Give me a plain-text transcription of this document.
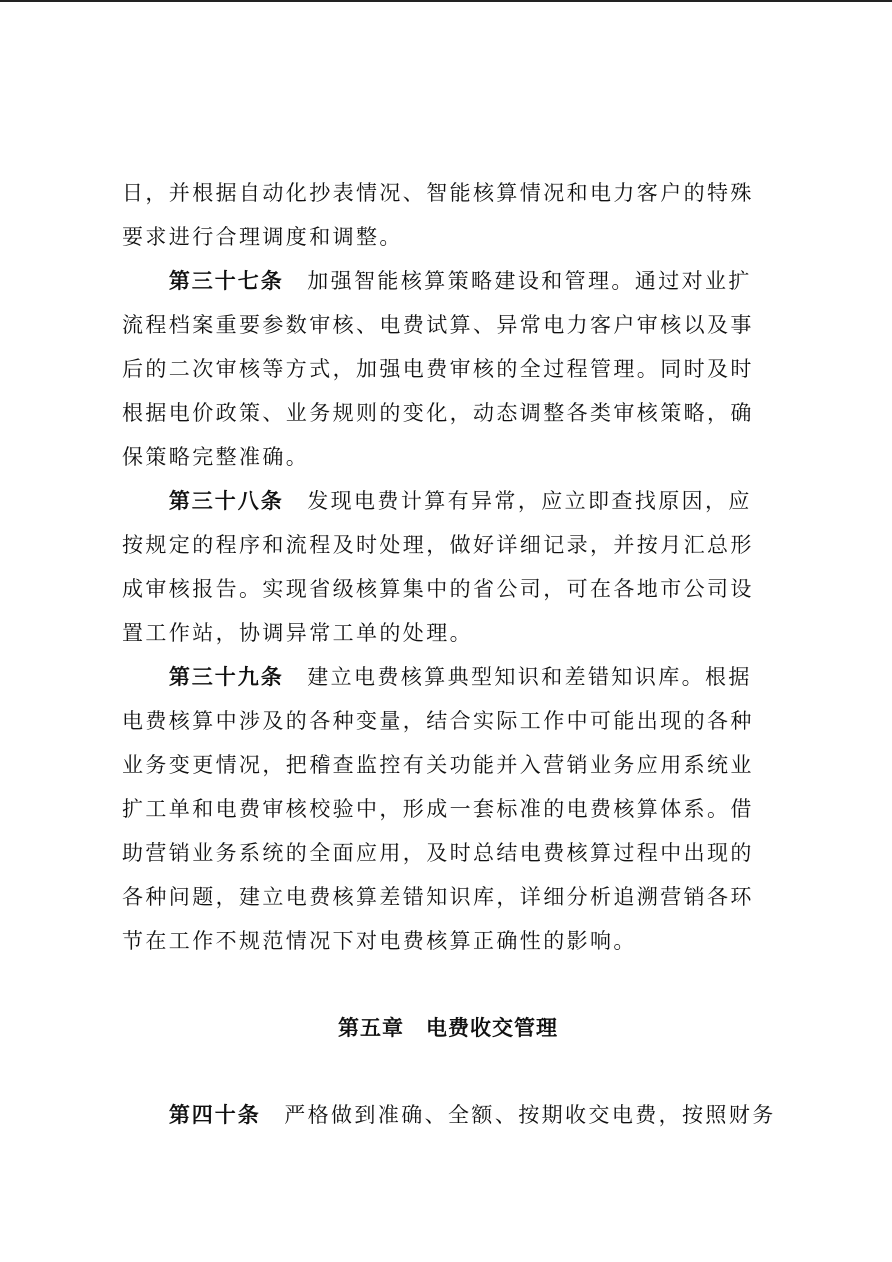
日，并根据自动化抄表情况、智能核算情况和电力客户的特殊
要求进行合理调度和调整。
　　第三十七条　 加强智能核算策略建设和管理。通过对业扩
流程档案重要参数审核、电费试算、异常电力客户审核以及事
后的二次审核等方式，加强电费审核的全过程管理。同时及时
根据电价政策、业务规则的变化，动态调整各类审核策略，确
保策略完整准确。
　　第三十八条　 发现电费计算有异常，应立即查找原因，应
按规定的程序和流程及时处理，做好详细记录，并按月汇总形
成审核报告。实现省级核算集中的省公司，可在各地市公司设
置工作站，协调异常工单的处理。
　　第三十九条　 建立电费核算典型知识和差错知识库。根据
电费核算中涉及的各种变量，结合实际工作中可能出现的各种
业务变更情况，把稽查监控有关功能并入营销业务应用系统业
扩工单和电费审核校验中，形成一套标准的电费核算体系。借
助营销业务系统的全面应用，及时总结电费核算过程中出现的
各种问题，建立电费核算差错知识库，详细分析追溯营销各环
节在工作不规范情况下对电费核算正确性的影响。
第五章 电费收交管理
　　第四十条　 严格做到准确、全额、按期收交电费，按照财务
